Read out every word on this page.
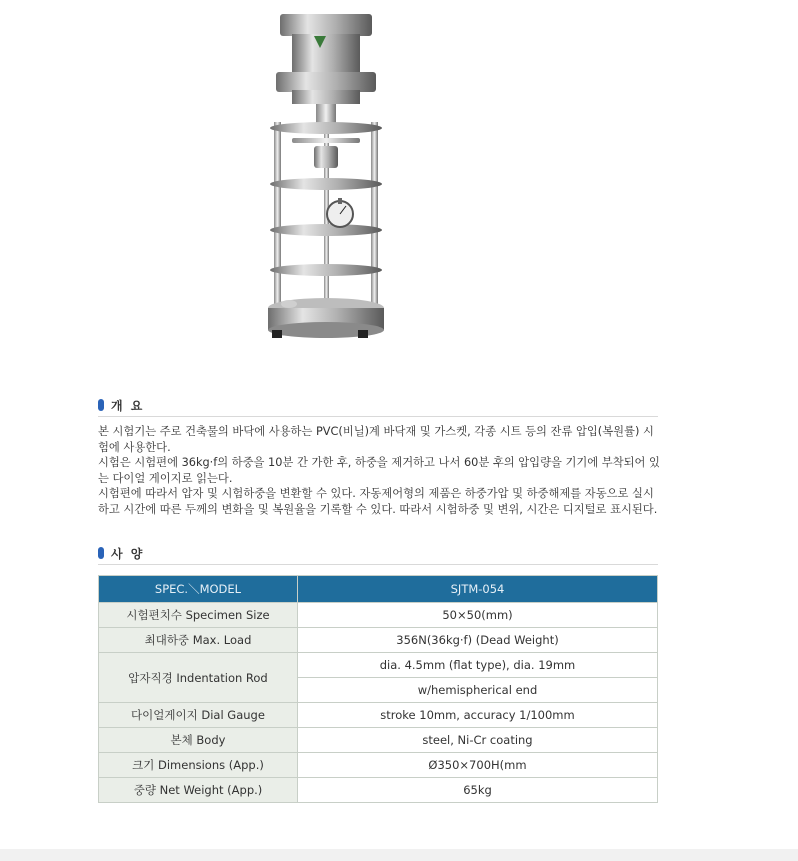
개 요

본 시험기는 주로 건축물의 바닥에 사용하는 PVC(비닐)계 바닥재 및 가스켓, 각종 시트 등의 잔류 압입(복원률) 시험에 사용한다.

시험은 시험편에 36kg·f의 하중을 10분 간 가한 후, 하중을 제거하고 나서 60분 후의 압입량을 기기에 부착되어 있는 다이얼 게이지로 읽는다.

시험편에 따라서 압자 및 시험하중을 변환할 수 있다. 자동제어형의 제품은 하중가압 및 하중해제를 자동으로 실시하고 시간에 따른 두께의 변화을 및 복원율을 기록할 수 있다. 따라서 시험하중 및 변위, 시간은 디지털로 표시된다.

사 양
SPEC.＼MODEL	SJTM-054
시험편치수 Specimen Size	50×50(mm)
최대하중 Max. Load	356N(36kg·f) (Dead Weight)
압자직경 Indentation Rod	dia. 4.5mm (flat type), dia. 19mm
	w/hemispherical end
다이얼게이지 Dial Gauge	stroke 10mm, accuracy 1/100mm
본체 Body	steel, Ni-Cr coating
크기 Dimensions (App.)	Ø350×700H(mm
중량 Net Weight (App.)	65kg
